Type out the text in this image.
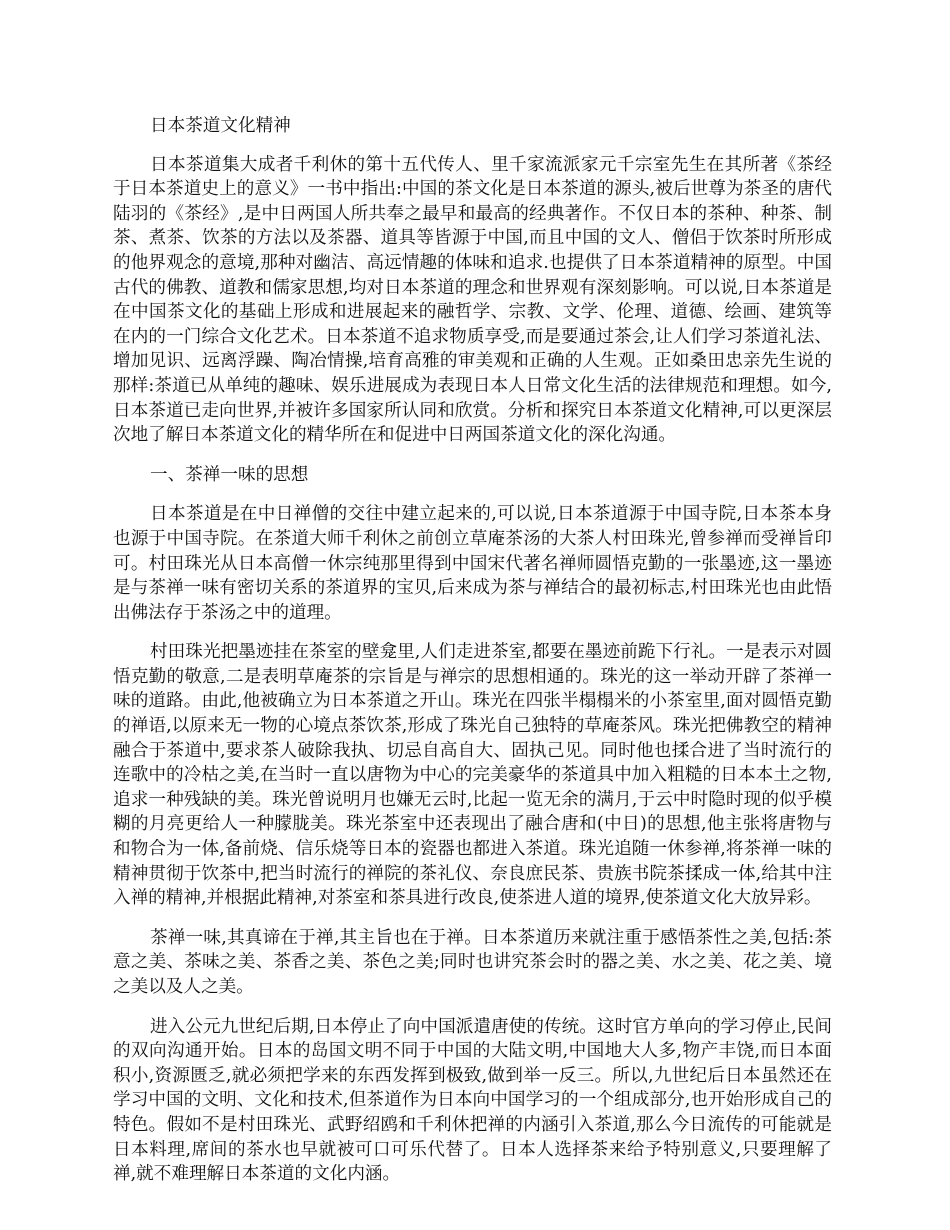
日本茶道文化精神

日本茶道集大成者千利休的第十五代传人、里千家流派家元千宗室先生在其所著《茶经于日本茶道史上的意义》一书中指出:中国的茶文化是日本茶道的源头,被后世尊为茶圣的唐代陆羽的《茶经》,是中日两国人所共奉之最早和最高的经典著作。不仅日本的茶种、种茶、制茶、煮茶、饮茶的方法以及茶器、道具等皆源于中国,而且中国的文人、僧侣于饮茶时所形成的他界观念的意境,那种对幽洁、高远情趣的体味和追求.也提供了日本茶道精神的原型。中国古代的佛教、道教和儒家思想,均对日本茶道的理念和世界观有深刻影响。可以说,日本茶道是在中国茶文化的基础上形成和进展起来的融哲学、宗教、文学、伦理、道德、绘画、建筑等在内的一门综合文化艺术。日本茶道不追求物质享受,而是要通过茶会,让人们学习茶道礼法、增加见识、远离浮躁、陶冶情操,培育高雅的审美观和正确的人生观。正如桑田忠亲先生说的那样:茶道已从单纯的趣味、娱乐进展成为表现日本人日常文化生活的法律规范和理想。如今,日本茶道已走向世界,并被许多国家所认同和欣赏。分析和探究日本茶道文化精神,可以更深层次地了解日本茶道文化的精华所在和促进中日两国茶道文化的深化沟通。

一、茶禅一味的思想

日本茶道是在中日禅僧的交往中建立起来的,可以说,日本茶道源于中国寺院,日本茶本身也源于中国寺院。在茶道大师千利休之前创立草庵茶汤的大茶人村田珠光,曾参禅而受禅旨印可。村田珠光从日本高僧一休宗纯那里得到中国宋代著名禅师圆悟克勤的一张墨迹,这一墨迹是与茶禅一味有密切关系的茶道界的宝贝,后来成为茶与禅结合的最初标志,村田珠光也由此悟出佛法存于茶汤之中的道理。

村田珠光把墨迹挂在茶室的壁龛里,人们走进茶室,都要在墨迹前跪下行礼。一是表示对圆悟克勤的敬意,二是表明草庵茶的宗旨是与禅宗的思想相通的。珠光的这一举动开辟了茶禅一味的道路。由此,他被确立为日本茶道之开山。珠光在四张半榻榻米的小茶室里,面对圆悟克勤的禅语,以原来无一物的心境点茶饮茶,形成了珠光自己独特的草庵茶风。珠光把佛教空的精神融合于茶道中,要求茶人破除我执、切忌自高自大、固执己见。同时他也揉合进了当时流行的连歌中的冷枯之美,在当时一直以唐物为中心的完美豪华的茶道具中加入粗糙的日本本土之物,追求一种残缺的美。珠光曾说明月也嫌无云时,比起一览无余的满月,于云中时隐时现的似乎模糊的月亮更给人一种朦胧美。珠光茶室中还表现出了融合唐和(中日)的思想,他主张将唐物与和物合为一体,备前烧、信乐烧等日本的瓷器也都进入茶道。珠光追随一休参禅,将茶禅一味的精神贯彻于饮茶中,把当时流行的禅院的茶礼仪、奈良庶民茶、贵族书院茶揉成一体,给其中注入禅的精神,并根据此精神,对茶室和茶具进行改良,使茶进人道的境界,使茶道文化大放异彩。

茶禅一味,其真谛在于禅,其主旨也在于禅。日本茶道历来就注重于感悟茶性之美,包括:茶意之美、茶味之美、茶香之美、茶色之美;同时也讲究茶会时的器之美、水之美、花之美、境之美以及人之美。

进入公元九世纪后期,日本停止了向中国派遣唐使的传统。这时官方单向的学习停止,民间的双向沟通开始。日本的岛国文明不同于中国的大陆文明,中国地大人多,物产丰饶,而日本面积小,资源匮乏,就必须把学来的东西发挥到极致,做到举一反三。所以,九世纪后日本虽然还在学习中国的文明、文化和技术,但茶道作为日本向中国学习的一个组成部分,也开始形成自己的特色。假如不是村田珠光、武野绍鸥和千利休把禅的内涵引入茶道,那么今日流传的可能就是日本料理,席间的茶水也早就被可口可乐代替了。日本人选择茶来给予特别意义,只要理解了禅,就不难理解日本茶道的文化内涵。
